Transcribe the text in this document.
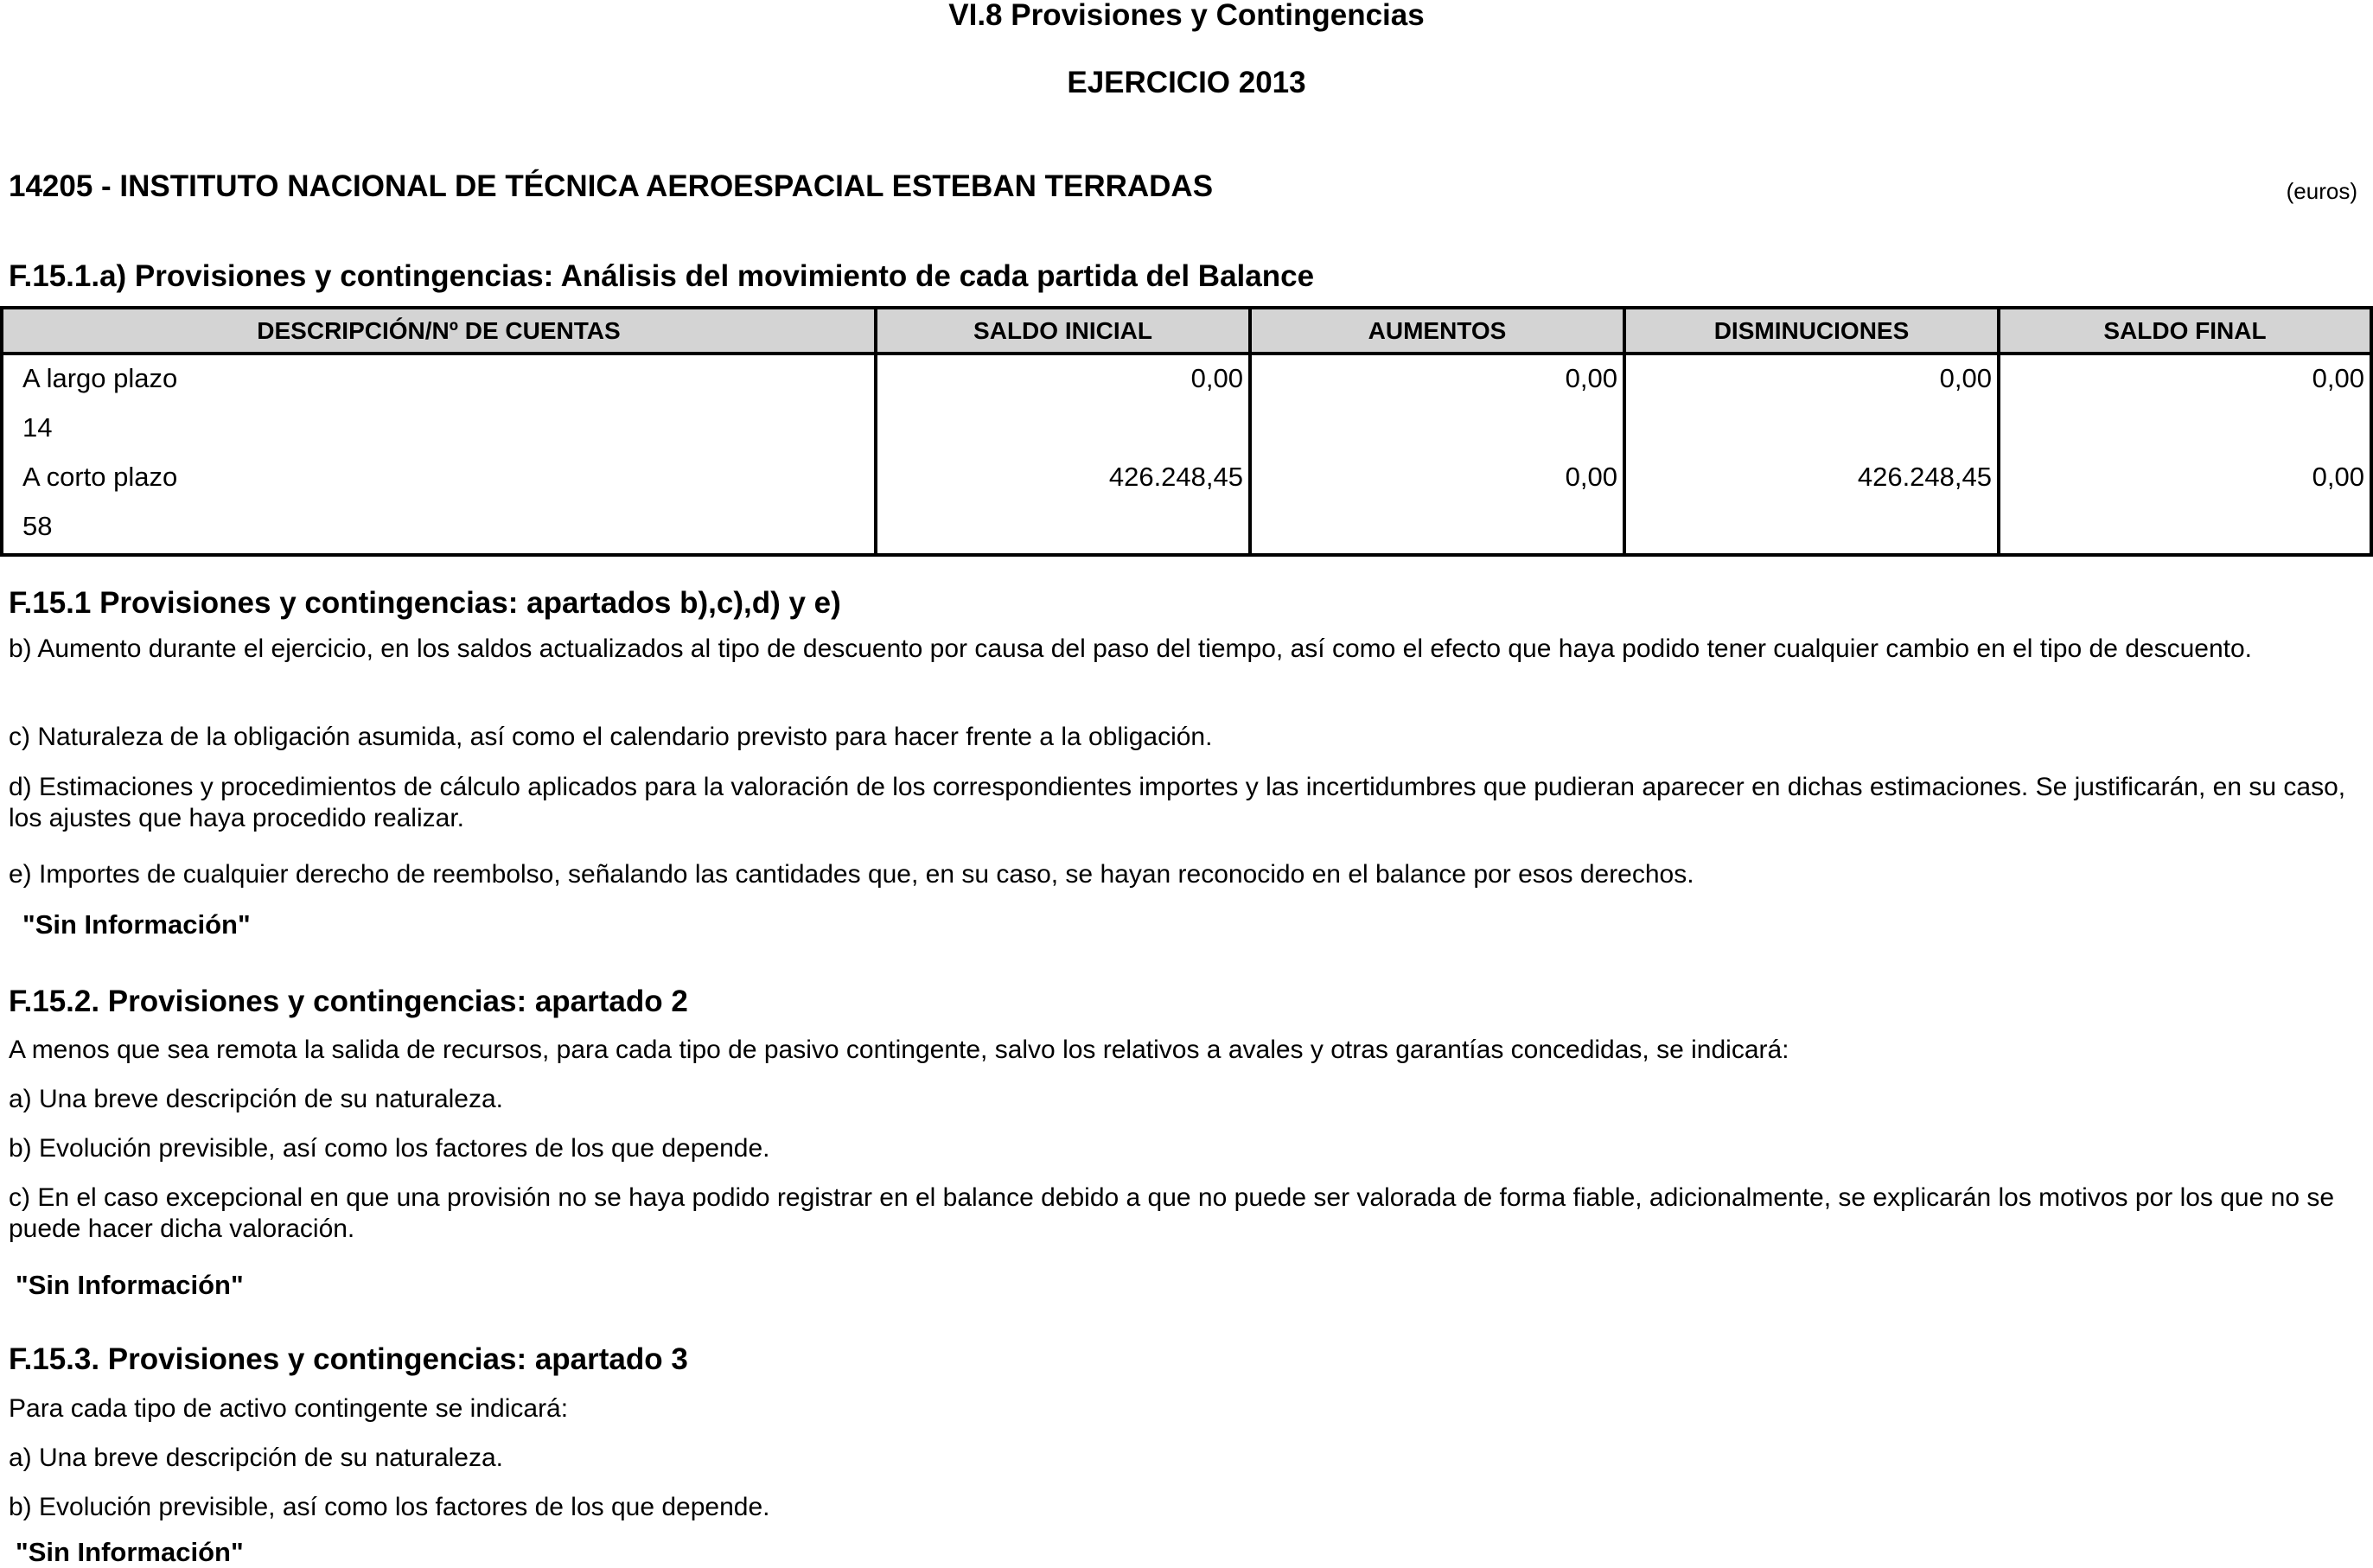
VI.8 Provisiones y Contingencias
EJERCICIO 2013
14205 - INSTITUTO NACIONAL DE TÉCNICA AEROESPACIAL ESTEBAN TERRADAS	(euros)
F.15.1.a) Provisiones y contingencias: Análisis del movimiento de cada partida del Balance
DESCRIPCIÓN/Nº DE CUENTAS	SALDO INICIAL	AUMENTOS	DISMINUCIONES	SALDO FINAL
A largo plazo	0,00	0,00	0,00	0,00
14
A corto plazo	426.248,45	0,00	426.248,45	0,00
58
F.15.1 Provisiones y contingencias: apartados b),c),d) y e)
b) Aumento durante el ejercicio, en los saldos actualizados al tipo de descuento por causa del paso del tiempo, así como el efecto que haya podido tener cualquier cambio en el tipo de descuento.
c) Naturaleza de la obligación asumida, así como el calendario previsto para hacer frente a la obligación.
d) Estimaciones y procedimientos de cálculo aplicados para la valoración de los correspondientes importes y las incertidumbres que pudieran aparecer en dichas estimaciones. Se justificarán, en su caso, los ajustes que haya procedido realizar.
e) Importes de cualquier derecho de reembolso, señalando las cantidades que, en su caso, se hayan reconocido en el balance por esos derechos.
"Sin Información"
F.15.2. Provisiones y contingencias: apartado 2
A menos que sea remota la salida de recursos, para cada tipo de pasivo contingente, salvo los relativos a avales y otras garantías concedidas, se indicará:
a) Una breve descripción de su naturaleza.
b) Evolución previsible, así como los factores de los que depende.
c) En el caso excepcional en que una provisión no se haya podido registrar en el balance debido a que no puede ser valorada de forma fiable, adicionalmente, se explicarán los motivos por los que no se puede hacer dicha valoración.
"Sin Información"
F.15.3. Provisiones y contingencias: apartado 3
Para cada tipo de activo contingente se indicará:
a) Una breve descripción de su naturaleza.
b) Evolución previsible, así como los factores de los que depende.
"Sin Información"
